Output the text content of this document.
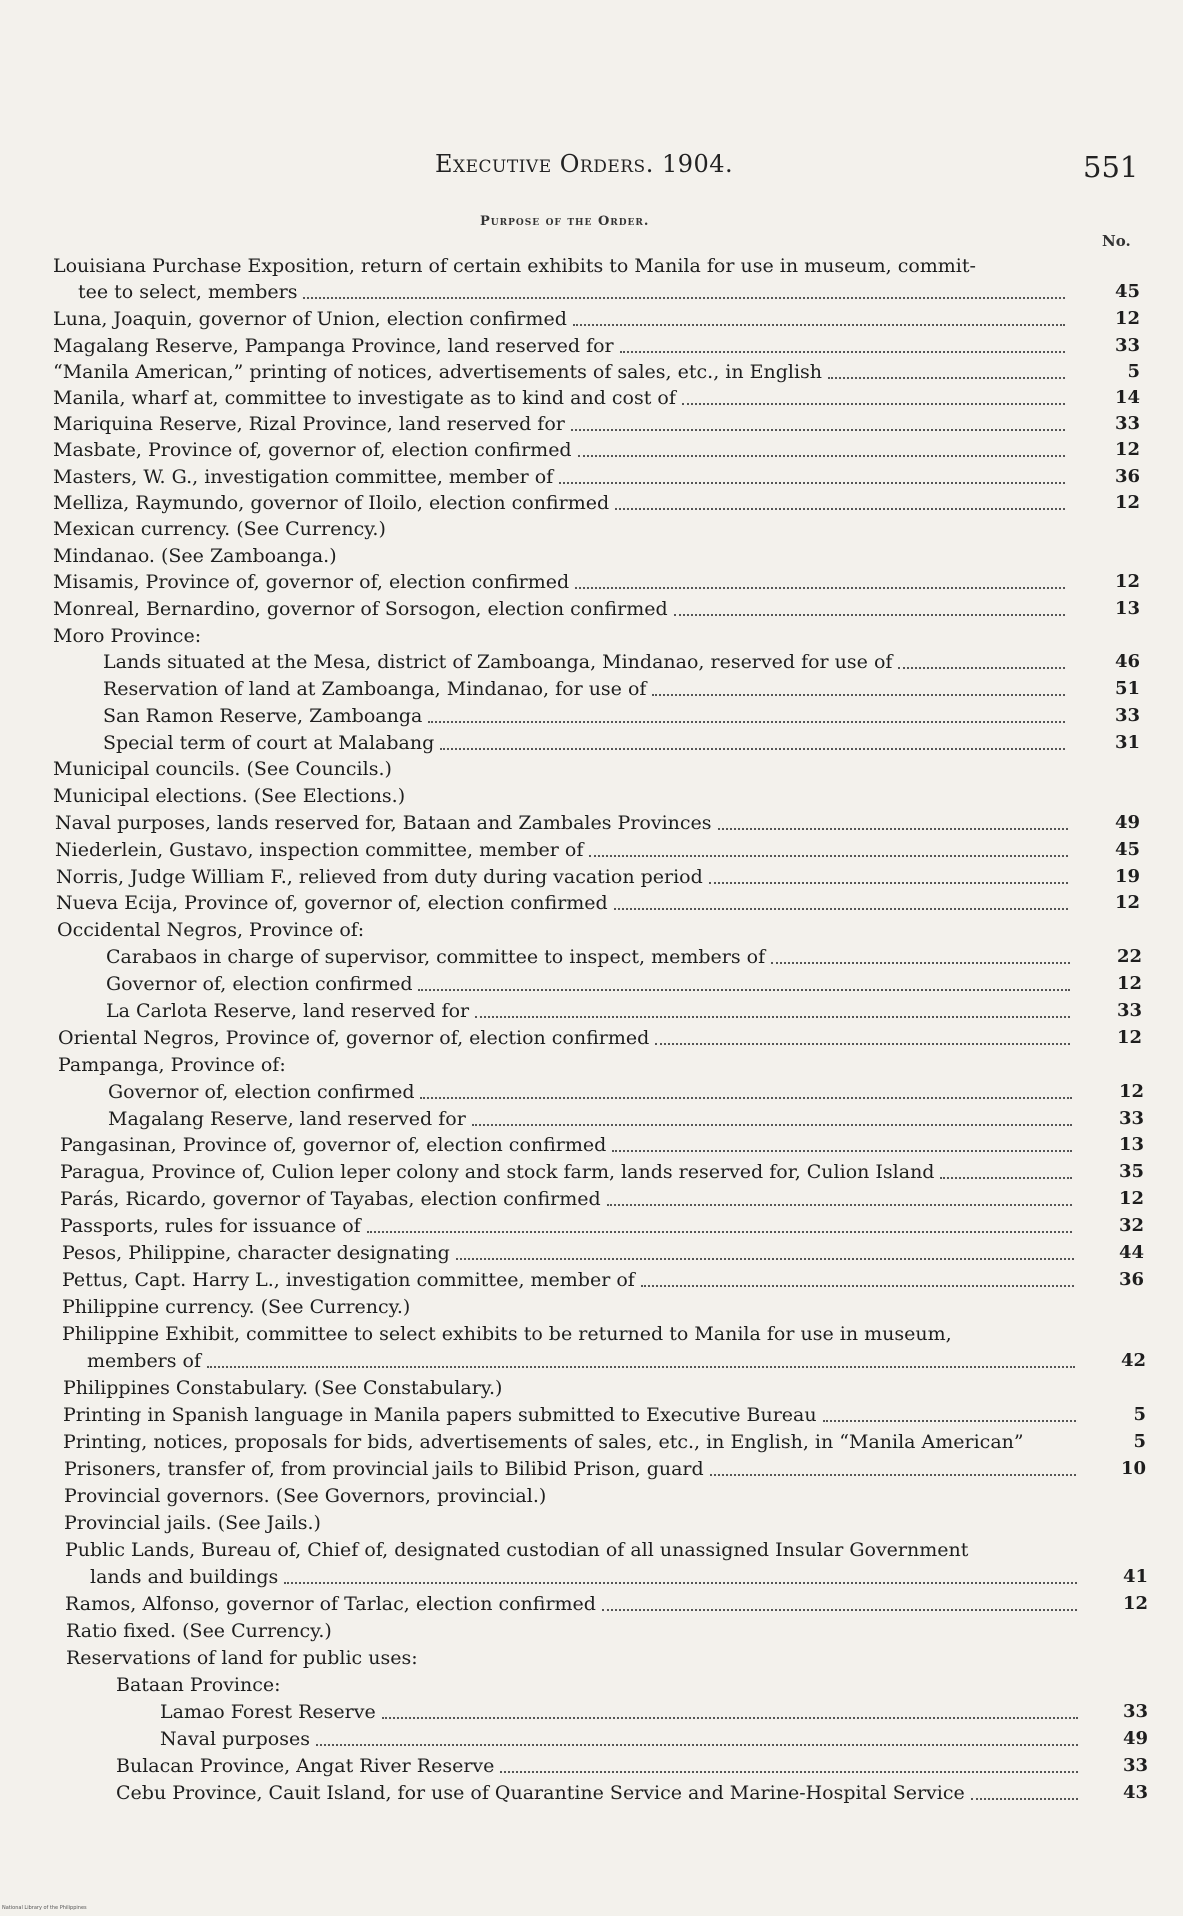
Executive Orders. 1904.	551
Purpose of the Order.
No.
Louisiana Purchase Exposition, return of certain exhibits to Manila for use in museum, commit-
tee to select, members	45
Luna, Joaquin, governor of Union, election confirmed	12
Magalang Reserve, Pampanga Province, land reserved for	33
“Manila American,” printing of notices, advertisements of sales, etc., in English	5
Manila, wharf at, committee to investigate as to kind and cost of	14
Mariquina Reserve, Rizal Province, land reserved for	33
Masbate, Province of, governor of, election confirmed	12
Masters, W. G., investigation committee, member of	36
Melliza, Raymundo, governor of Iloilo, election confirmed	12
Mexican currency. (See Currency.)
Mindanao. (See Zamboanga.)
Misamis, Province of, governor of, election confirmed	12
Monreal, Bernardino, governor of Sorsogon, election confirmed	13
Moro Province:
Lands situated at the Mesa, district of Zamboanga, Mindanao, reserved for use of	46
Reservation of land at Zamboanga, Mindanao, for use of	51
San Ramon Reserve, Zamboanga	33
Special term of court at Malabang	31
Municipal councils. (See Councils.)
Municipal elections. (See Elections.)
Naval purposes, lands reserved for, Bataan and Zambales Provinces	49
Niederlein, Gustavo, inspection committee, member of	45
Norris, Judge William F., relieved from duty during vacation period	19
Nueva Ecija, Province of, governor of, election confirmed	12
Occidental Negros, Province of:
Carabaos in charge of supervisor, committee to inspect, members of	22
Governor of, election confirmed	12
La Carlota Reserve, land reserved for	33
Oriental Negros, Province of, governor of, election confirmed	12
Pampanga, Province of:
Governor of, election confirmed	12
Magalang Reserve, land reserved for	33
Pangasinan, Province of, governor of, election confirmed	13
Paragua, Province of, Culion leper colony and stock farm, lands reserved for, Culion Island	35
Parás, Ricardo, governor of Tayabas, election confirmed	12
Passports, rules for issuance of	32
Pesos, Philippine, character designating	44
Pettus, Capt. Harry L., investigation committee, member of	36
Philippine currency. (See Currency.)
Philippine Exhibit, committee to select exhibits to be returned to Manila for use in museum,
members of	42
Philippines Constabulary. (See Constabulary.)
Printing in Spanish language in Manila papers submitted to Executive Bureau	5
Printing, notices, proposals for bids, advertisements of sales, etc., in English, in “Manila American”	5
Prisoners, transfer of, from provincial jails to Bilibid Prison, guard	10
Provincial governors. (See Governors, provincial.)
Provincial jails. (See Jails.)
Public Lands, Bureau of, Chief of, designated custodian of all unassigned Insular Government
lands and buildings	41
Ramos, Alfonso, governor of Tarlac, election confirmed	12
Ratio fixed. (See Currency.)
Reservations of land for public uses:
Bataan Province:
Lamao Forest Reserve	33
Naval purposes	49
Bulacan Province, Angat River Reserve	33
Cebu Province, Cauit Island, for use of Quarantine Service and Marine-Hospital Service	43
National Library of the Philippines
